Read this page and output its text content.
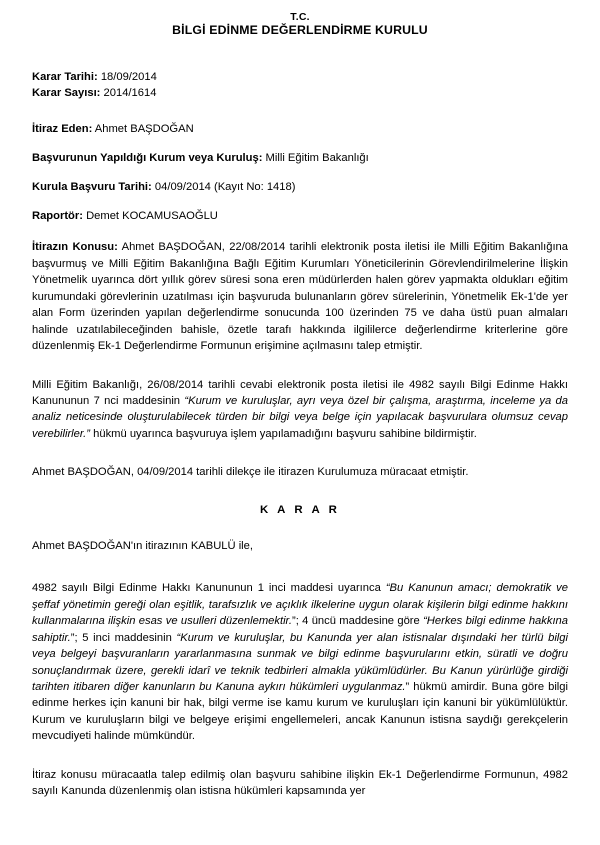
T.C.
BİLGİ EDİNME DEĞERLENDİRME KURULU
Karar Tarihi: 18/09/2014
Karar Sayısı: 2014/1614
İtiraz Eden: Ahmet BAŞDOĞAN
Başvurunun Yapıldığı Kurum veya Kuruluş: Milli Eğitim Bakanlığı
Kurula Başvuru Tarihi: 04/09/2014 (Kayıt No: 1418)
Raportör: Demet KOCAMUSAOĞLU

İtirazın Konusu: Ahmet BAŞDOĞAN, 22/08/2014 tarihli elektronik posta iletisi ile Milli Eğitim Bakanlığına başvurmuş ve Milli Eğitim Bakanlığına Bağlı Eğitim Kurumları Yöneticilerinin Görevlendirilmelerine İlişkin Yönetmelik uyarınca dört yıllık görev süresi sona eren müdürlerden halen görev yapmakta oldukları eğitim kurumundaki görevlerinin uzatılması için başvuruda bulunanların görev sürelerinin, Yönetmelik Ek-1'de yer alan Form üzerinden yapılan değerlendirme sonucunda 100 üzerinden 75 ve daha üstü puan almaları halinde uzatılabileceğinden bahisle, özetle tarafı hakkında ilgililerce değerlendirme kriterlerine göre düzenlenmiş Ek-1 Değerlendirme Formunun erişimine açılmasını talep etmiştir.

Milli Eğitim Bakanlığı, 26/08/2014 tarihli cevabi elektronik posta iletisi ile 4982 sayılı Bilgi Edinme Hakkı Kanununun 7 nci maddesinin “Kurum ve kuruluşlar, ayrı veya özel bir çalışma, araştırma, inceleme ya da analiz neticesinde oluşturulabilecek türden bir bilgi veya belge için yapılacak başvurulara olumsuz cevap verebilirler.” hükmü uyarınca başvuruya işlem yapılamadığını başvuru sahibine bildirmiştir.

Ahmet BAŞDOĞAN, 04/09/2014 tarihli dilekçe ile itirazen Kurulumuza müracaat etmiştir.

K A R A R

Ahmet BAŞDOĞAN'ın itirazının KABULÜ ile,

4982 sayılı Bilgi Edinme Hakkı Kanununun 1 inci maddesi uyarınca “Bu Kanunun amacı; demokratik ve şeffaf yönetimin gereği olan eşitlik, tarafsızlık ve açıklık ilkelerine uygun olarak kişilerin bilgi edinme hakkını kullanmalarına ilişkin esas ve usulleri düzenlemektir.”; 4 üncü maddesine göre “Herkes bilgi edinme hakkına sahiptir.”; 5 inci maddesinin “Kurum ve kuruluşlar, bu Kanunda yer alan istisnalar dışındaki her türlü bilgi veya belgeyi başvuranların yararlanmasına sunmak ve bilgi edinme başvurularını etkin, süratli ve doğru sonuçlandırmak üzere, gerekli idarî ve teknik tedbirleri almakla yükümlüdürler. Bu Kanun yürürlüğe girdiği tarihten itibaren diğer kanunların bu Kanuna aykırı hükümleri uygulanmaz.” hükmü amirdir. Buna göre bilgi edinme herkes için kanuni bir hak, bilgi verme ise kamu kurum ve kuruluşları için kanuni bir yükümlülüktür. Kurum ve kuruluşların bilgi ve belgeye erişimi engellemeleri, ancak Kanunun istisna saydığı gerekçelerin mevcudiyeti halinde mümkündür.

İtiraz konusu müracaatla talep edilmiş olan başvuru sahibine ilişkin Ek-1 Değerlendirme Formunun, 4982 sayılı Kanunda düzenlenmiş olan istisna hükümleri kapsamında yer
